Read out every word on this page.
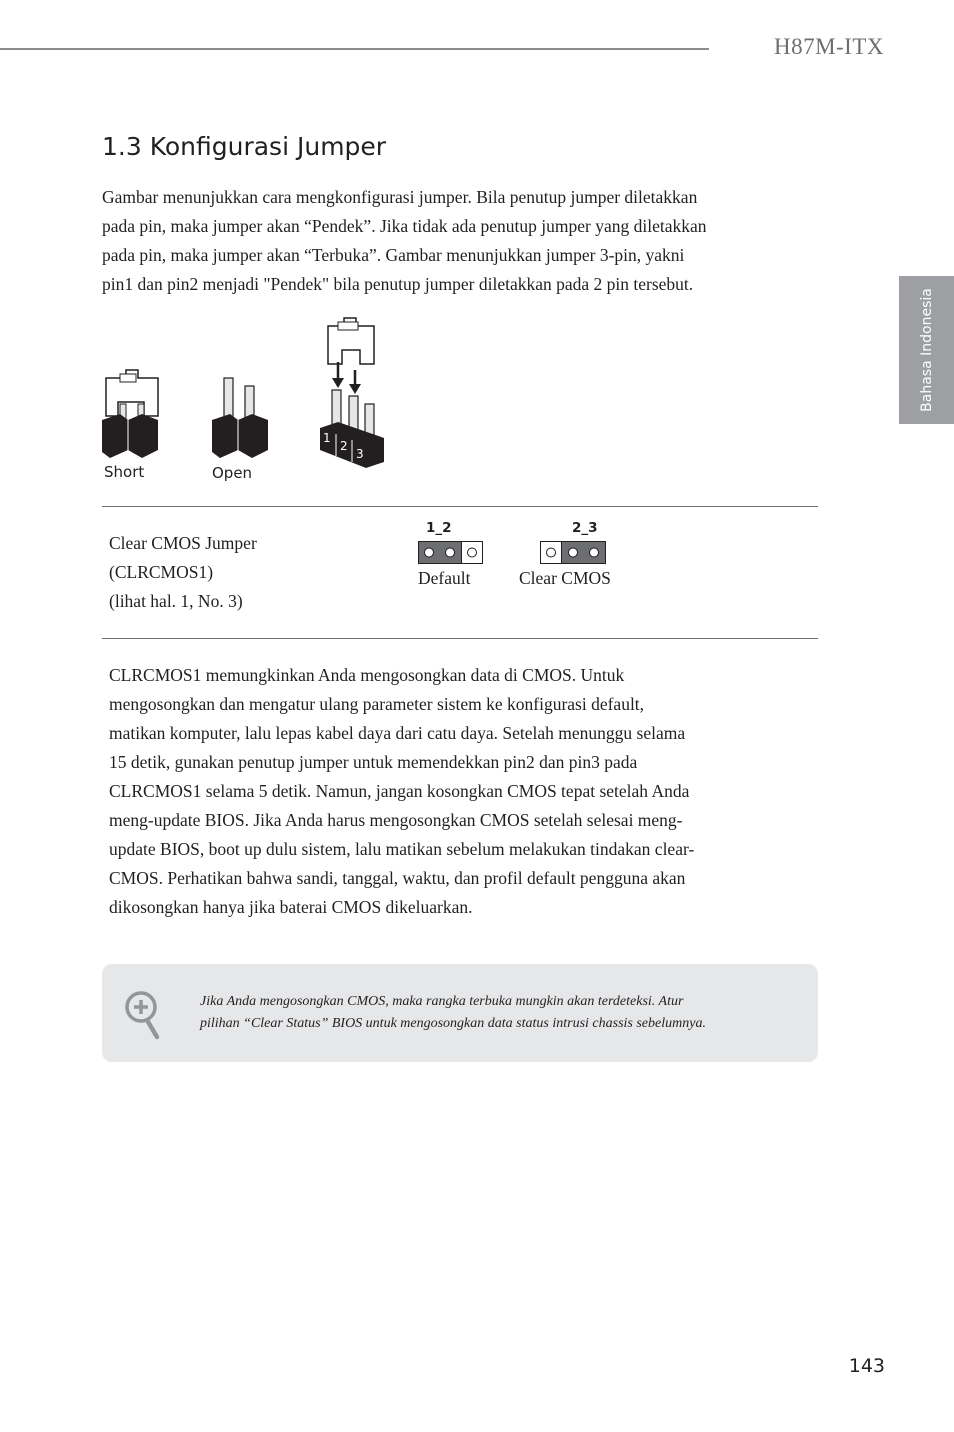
H87M-ITX
Bahasa Indonesia
1.3 Konfigurasi Jumper

Gambar menunjukkan cara mengkonfigurasi jumper. Bila penutup jumper diletakkan

pada pin, maka jumper akan “Pendek”. Jika tidak ada penutup jumper yang diletakkan

pada pin, maka jumper akan “Terbuka”. Gambar menunjukkan jumper 3-pin, yakni

pin1 dan pin2 menjadi "Pendek" bila penutup jumper diletakkan pada 2 pin tersebut.

1
2
3
Short	Open
Clear CMOS Jumper
(CLRCMOS1)
(lihat hal. 1, No. 3)
1_2
Default
2_3
Clear CMOS

CLRCMOS1 memungkinkan Anda mengosongkan data di CMOS. Untuk

mengosongkan dan mengatur ulang parameter sistem ke konfigurasi default,

matikan komputer, lalu lepas kabel daya dari catu daya. Setelah menunggu selama

15 detik, gunakan penutup jumper untuk memendekkan pin2 dan pin3 pada

CLRCMOS1 selama 5 detik. Namun, jangan kosongkan CMOS tepat setelah Anda

meng-update BIOS. Jika Anda harus mengosongkan CMOS setelah selesai meng-

update BIOS, boot up dulu sistem, lalu matikan sebelum melakukan tindakan clear-

CMOS. Perhatikan bahwa sandi, tanggal, waktu, dan profil default pengguna akan

dikosongkan hanya jika baterai CMOS dikeluarkan.

Jika Anda mengosongkan CMOS, maka rangka terbuka mungkin akan terdeteksi. Atur
pilihan “Clear Status” BIOS untuk mengosongkan data status intrusi chassis sebelumnya.
143
